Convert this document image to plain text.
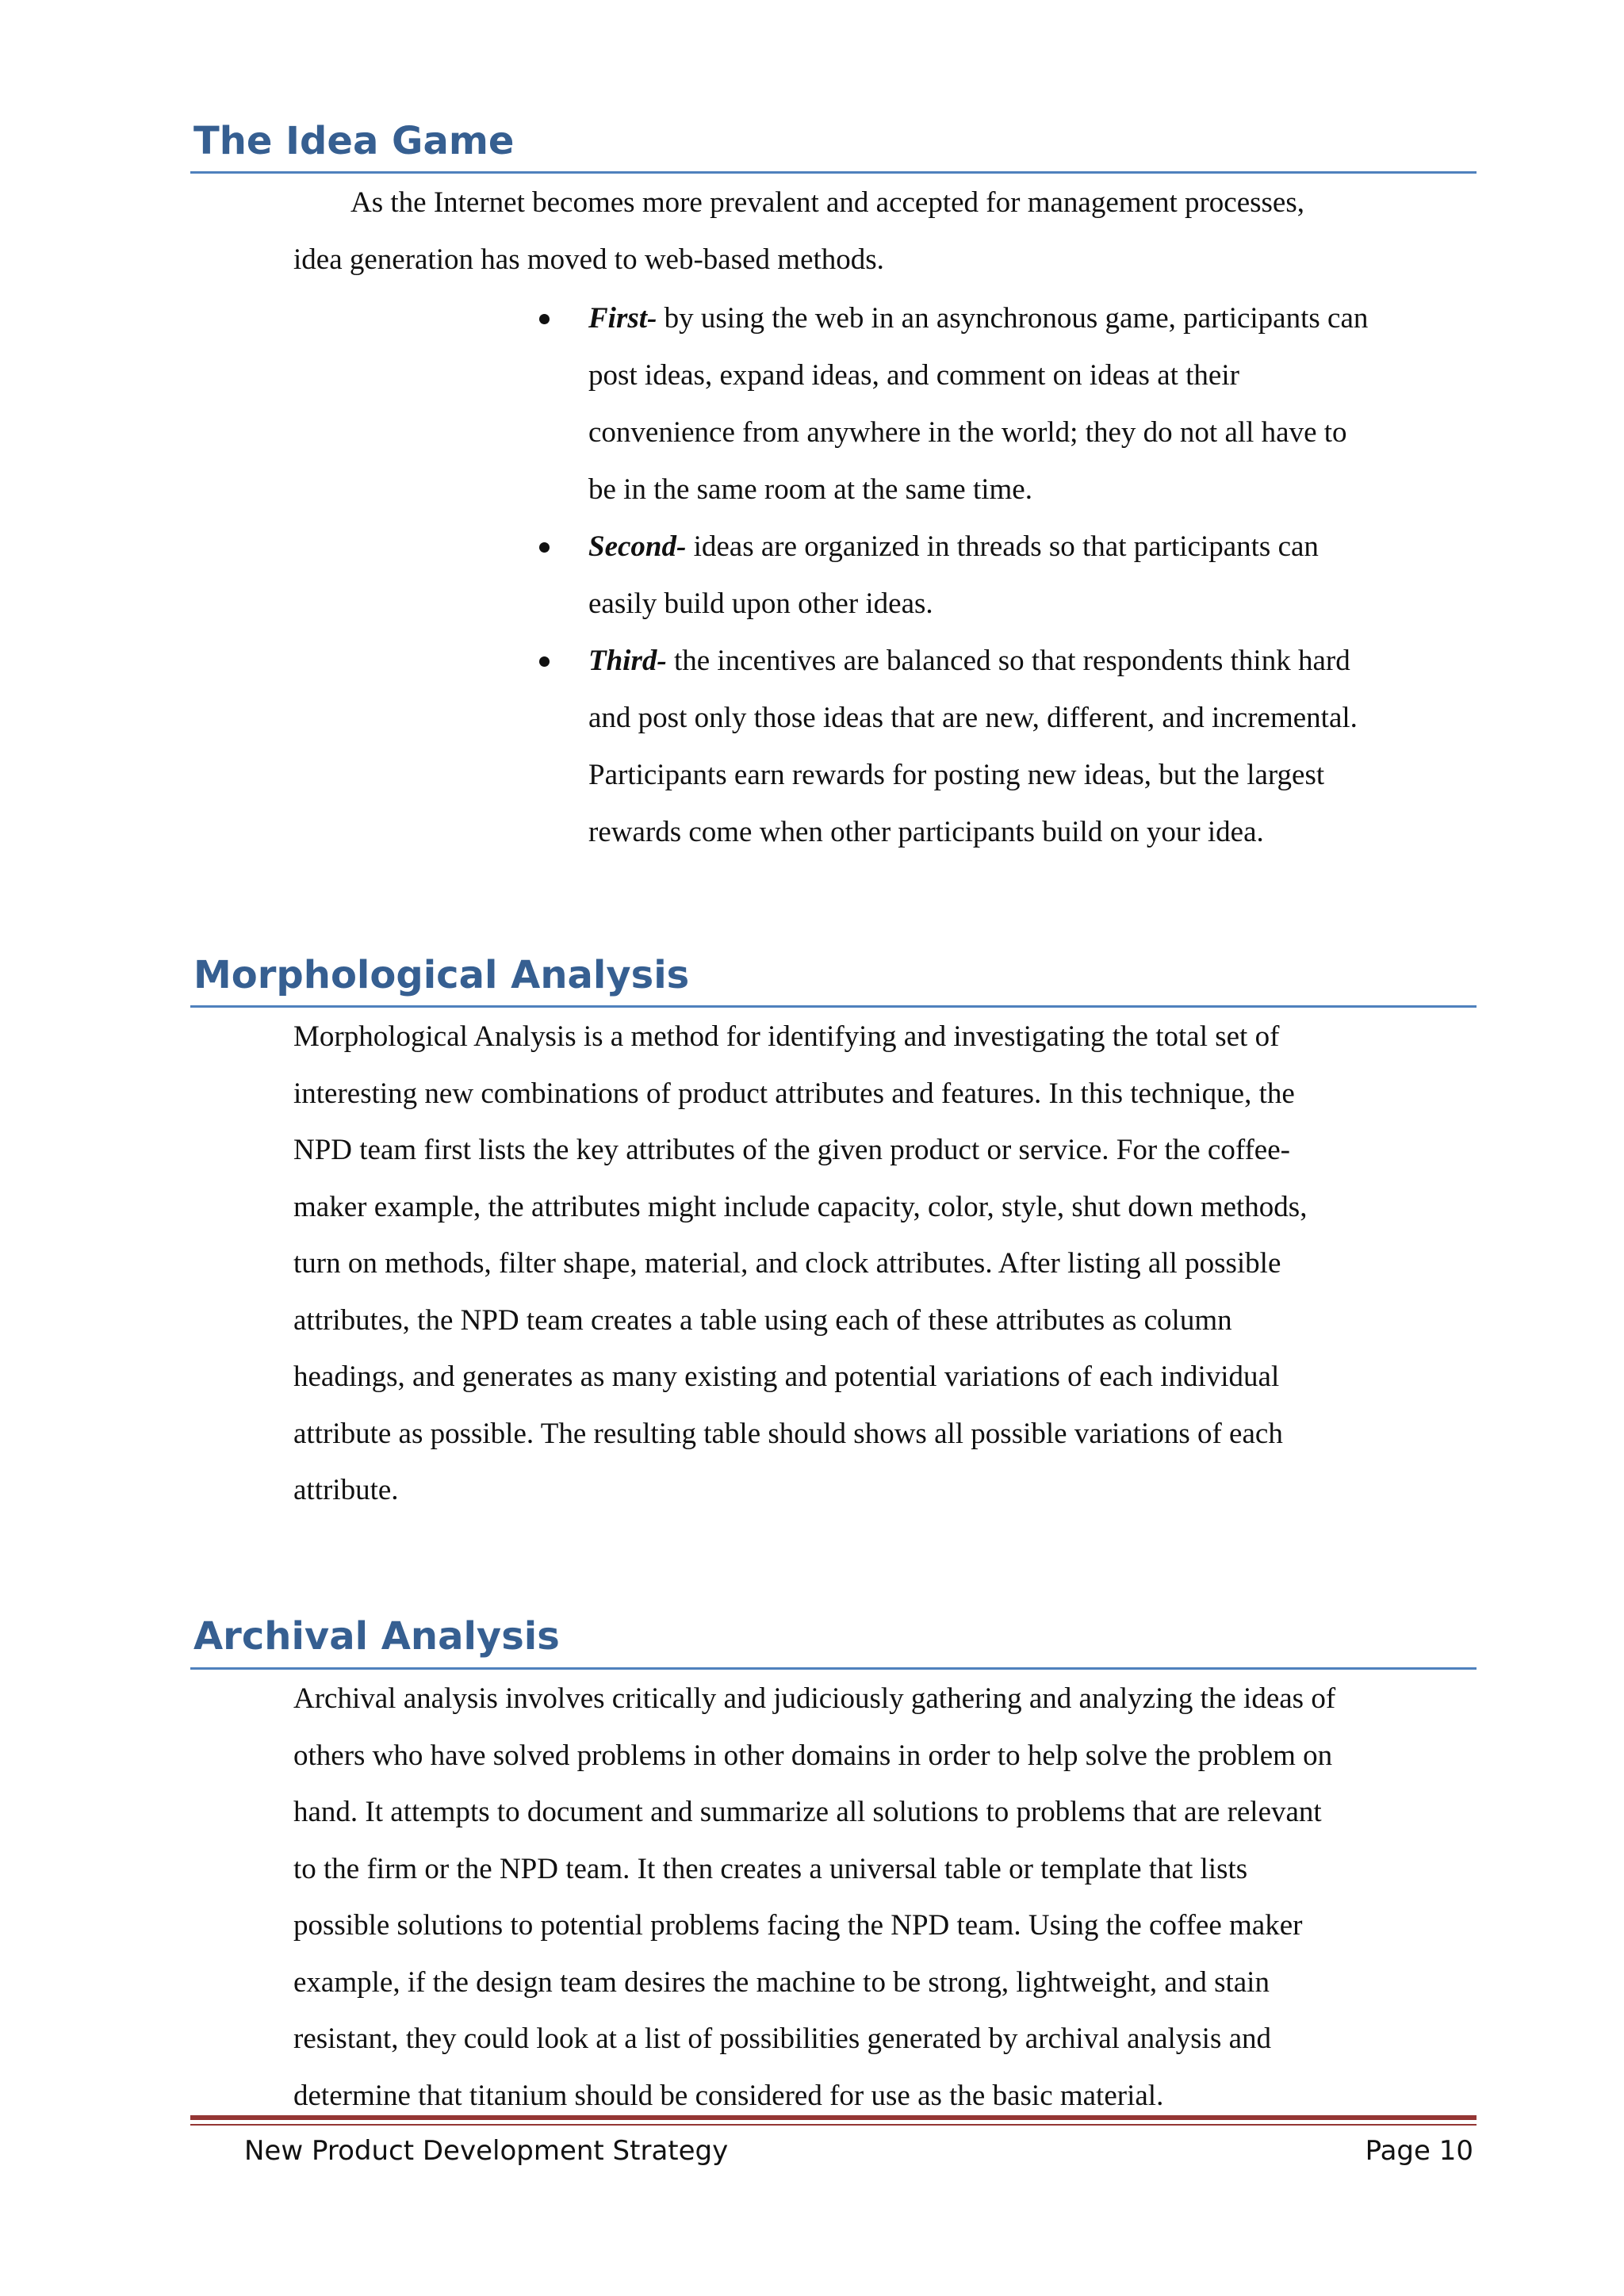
The Idea Game

As the Internet becomes more prevalent and accepted for management processes,
idea generation has moved to web-based methods.

First- by using the web in an asynchronous game, participants can
post ideas, expand ideas, and comment on ideas at their
convenience from anywhere in the world; they do not all have to
be in the same room at the same time.
Second- ideas are organized in threads so that participants can
easily build upon other ideas.
Third- the incentives are balanced so that respondents think hard
and post only those ideas that are new, different, and incremental.
Participants earn rewards for posting new ideas, but the largest
rewards come when other participants build on your idea.
Morphological Analysis

Morphological Analysis is a method for identifying and investigating the total set of
interesting new combinations of product attributes and features. In this technique, the
NPD team first lists the key attributes of the given product or service. For the coffee-
maker example, the attributes might include capacity, color, style, shut down methods,
turn on methods, filter shape, material, and clock attributes. After listing all possible
attributes, the NPD team creates a table using each of these attributes as column
headings, and generates as many existing and potential variations of each individual
attribute as possible. The resulting table should shows all possible variations of each
attribute.

Archival Analysis

Archival analysis involves critically and judiciously gathering and analyzing the ideas of
others who have solved problems in other domains in order to help solve the problem on
hand. It attempts to document and summarize all solutions to problems that are relevant
to the firm or the NPD team. It then creates a universal table or template that lists
possible solutions to potential problems facing the NPD team. Using the coffee maker
example, if the design team desires the machine to be strong, lightweight, and stain
resistant, they could look at a list of possibilities generated by archival analysis and
determine that titanium should be considered for use as the basic material.

New Product Development Strategy	Page 10
